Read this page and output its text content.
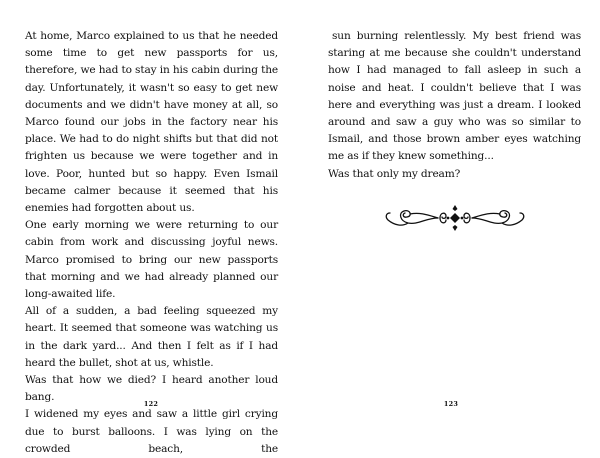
At home, Marco explained to us that he needed some time to get new passports for us, therefore, we had to stay in his cabin during the day. Unfortunately, it wasn't so easy to get new documents and we didn't have money at all, so Marco found our jobs in the factory near his place. We had to do night shifts but that did not frighten us because we were together and in love. Poor, hunted but so happy. Even Ismail became calmer because it seemed that his enemies had forgotten about us.

One early morning we were returning to our cabin from work and discussing joyful news. Marco promised to bring our new passports that morning and we had already planned our long-awaited life.

All of a sudden, a bad feeling squeezed my heart. It seemed that someone was watching us in the dark yard... And then I felt as if I had heard the bullet, shot at us, whistle.

Was that how we died? I heard another loud bang.

I widened my eyes and saw a little girl crying due to burst balloons. I was lying on the crowded beach, the

122

sun burning relentlessly. My best friend was staring at me because she couldn't understand how I had managed to fall asleep in such a noise and heat. I couldn't believe that I was here and everything was just a dream. I looked around and saw a guy who was so similar to Ismail, and those brown amber eyes watching me as if they knew something...

Was that only my dream?

123
